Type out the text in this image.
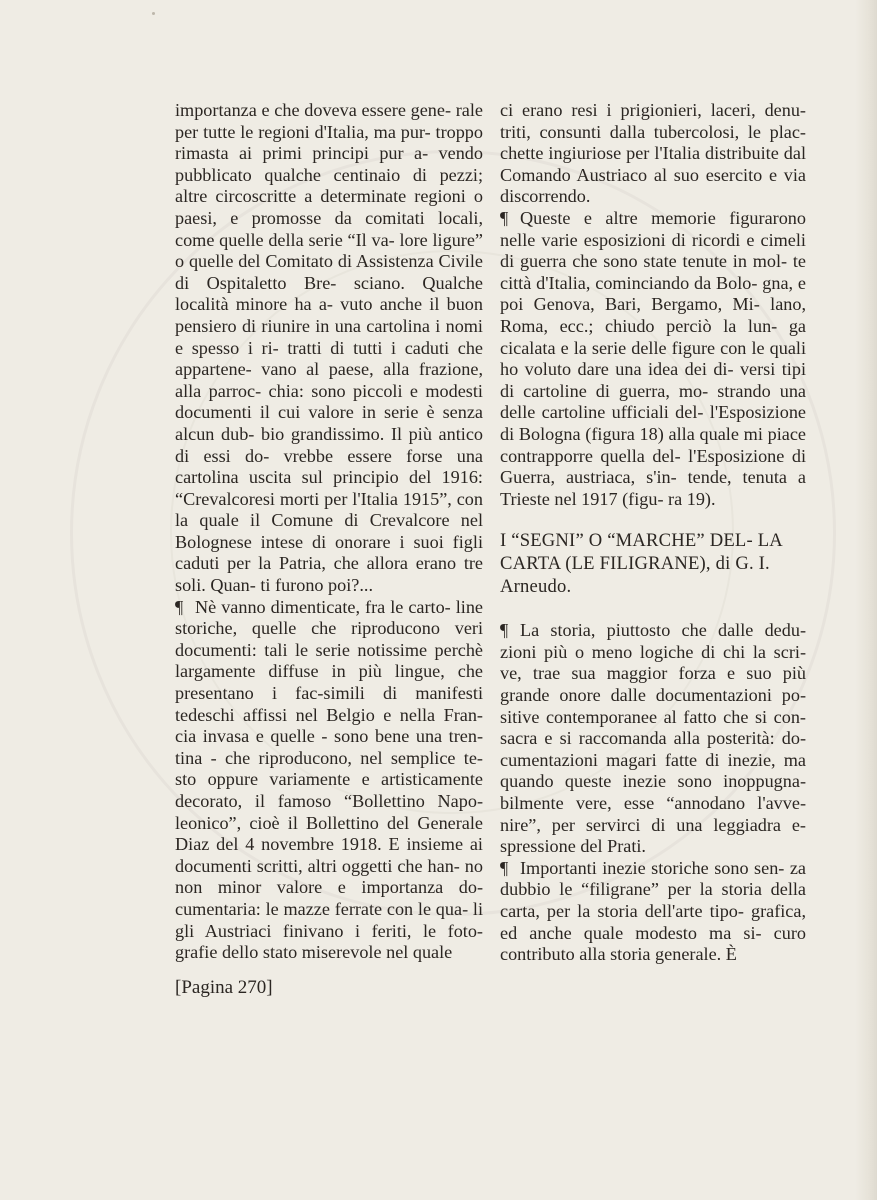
importanza e che doveva essere gene- rale per tutte le regioni d'Italia, ma pur- troppo rimasta ai primi principi pur a- vendo pubblicato qualche centinaio di pezzi; altre circoscritte a determinate regioni o paesi, e promosse da comitati locali, come quelle della serie “Il va- lore ligure” o quelle del Comitato di Assistenza Civile di Ospitaletto Bre- sciano. Qualche località minore ha a- vuto anche il buon pensiero di riunire in una cartolina i nomi e spesso i ri- tratti di tutti i caduti che appartene- vano al paese, alla frazione, alla parroc- chia: sono piccoli e modesti documenti il cui valore in serie è senza alcun dub- bio grandissimo. Il più antico di essi do- vrebbe essere forse una cartolina uscita sul principio del 1916: “Crevalcoresi morti per l'Italia 1915”, con la quale il Comune di Crevalcore nel Bolognese intese di onorare i suoi figli caduti per la Patria, che allora erano tre soli. Quan- ti furono poi?...

¶ Nè vanno dimenticate, fra le carto- line storiche, quelle che riproducono veri documenti: tali le serie notissime perchè largamente diffuse in più lingue, che presentano i fac-simili di manifesti tedeschi affissi nel Belgio e nella Fran- cia invasa e quelle - sono bene una tren- tina - che riproducono, nel semplice te- sto oppure variamente e artisticamente decorato, il famoso “Bollettino Napo- leonico”, cioè il Bollettino del Generale Diaz del 4 novembre 1918. E insieme ai documenti scritti, altri oggetti che han- no non minor valore e importanza do- cumentaria: le mazze ferrate con le qua- li gli Austriaci finivano i feriti, le foto- grafie dello stato miserevole nel quale

ci erano resi i prigionieri, laceri, denu- triti, consunti dalla tubercolosi, le plac- chette ingiuriose per l'Italia distribuite dal Comando Austriaco al suo esercito e via discorrendo.

¶ Queste e altre memorie figurarono nelle varie esposizioni di ricordi e cimeli di guerra che sono state tenute in mol- te città d'Italia, cominciando da Bolo- gna, e poi Genova, Bari, Bergamo, Mi- lano, Roma, ecc.; chiudo perciò la lun- ga cicalata e la serie delle figure con le quali ho voluto dare una idea dei di- versi tipi di cartoline di guerra, mo- strando una delle cartoline ufficiali del- l'Esposizione di Bologna (figura 18) alla quale mi piace contrapporre quella del- l'Esposizione di Guerra, austriaca, s'in- tende, tenuta a Trieste nel 1917 (figu- ra 19).

I “SEGNI” O “MARCHE” DEL- LA CARTA (LE FILIGRANE), di G. I. Arneudo.

¶ La storia, piuttosto che dalle dedu- zioni più o meno logiche di chi la scri- ve, trae sua maggior forza e suo più grande onore dalle documentazioni po- sitive contemporanee al fatto che si con- sacra e si raccomanda alla posterità: do- cumentazioni magari fatte di inezie, ma quando queste inezie sono inoppugna- bilmente vere, esse “annodano l'avve- nire”, per servirci di una leggiadra e- spressione del Prati.

¶ Importanti inezie storiche sono sen- za dubbio le “filigrane” per la storia della carta, per la storia dell'arte tipo- grafica, ed anche quale modesto ma si- curo contributo alla storia generale. È

[Pagina 270]
